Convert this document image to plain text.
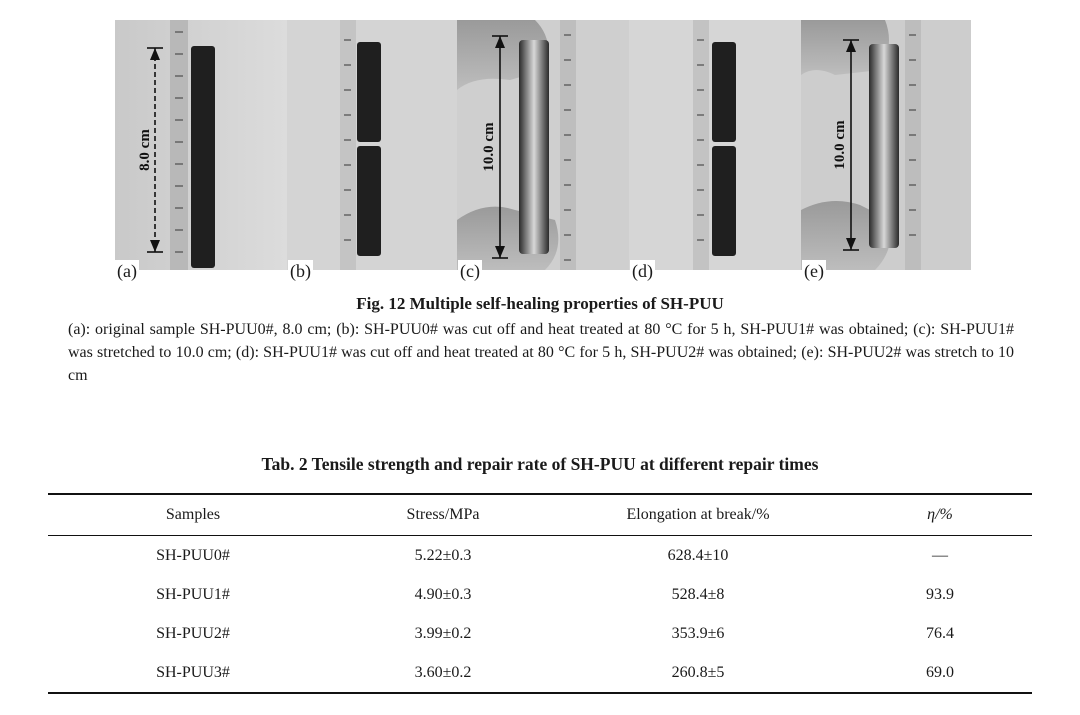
8.0 cm	10.0 cm	10.0 cm
(a)	(b)	(c)	(d)	(e)
Fig. 12 Multiple self-healing properties of SH-PUU
(a): original sample SH-PUU0#, 8.0 cm; (b): SH-PUU0# was cut off and heat treated at 80 °C for 5 h, SH-PUU1# was obtained; (c): SH-PUU1# was stretched to 10.0 cm; (d): SH-PUU1# was cut off and heat treated at 80 °C for 5 h, SH-PUU2# was obtained; (e): SH-PUU2# was stretch to 10 cm
Tab. 2 Tensile strength and repair rate of SH-PUU at different repair times
Samples	Stress/MPa	Elongation at break/%	η/%
SH-PUU0#	5.22±0.3	628.4±10	—
SH-PUU1#	4.90±0.3	528.4±8	93.9
SH-PUU2#	3.99±0.2	353.9±6	76.4
SH-PUU3#	3.60±0.2	260.8±5	69.0
